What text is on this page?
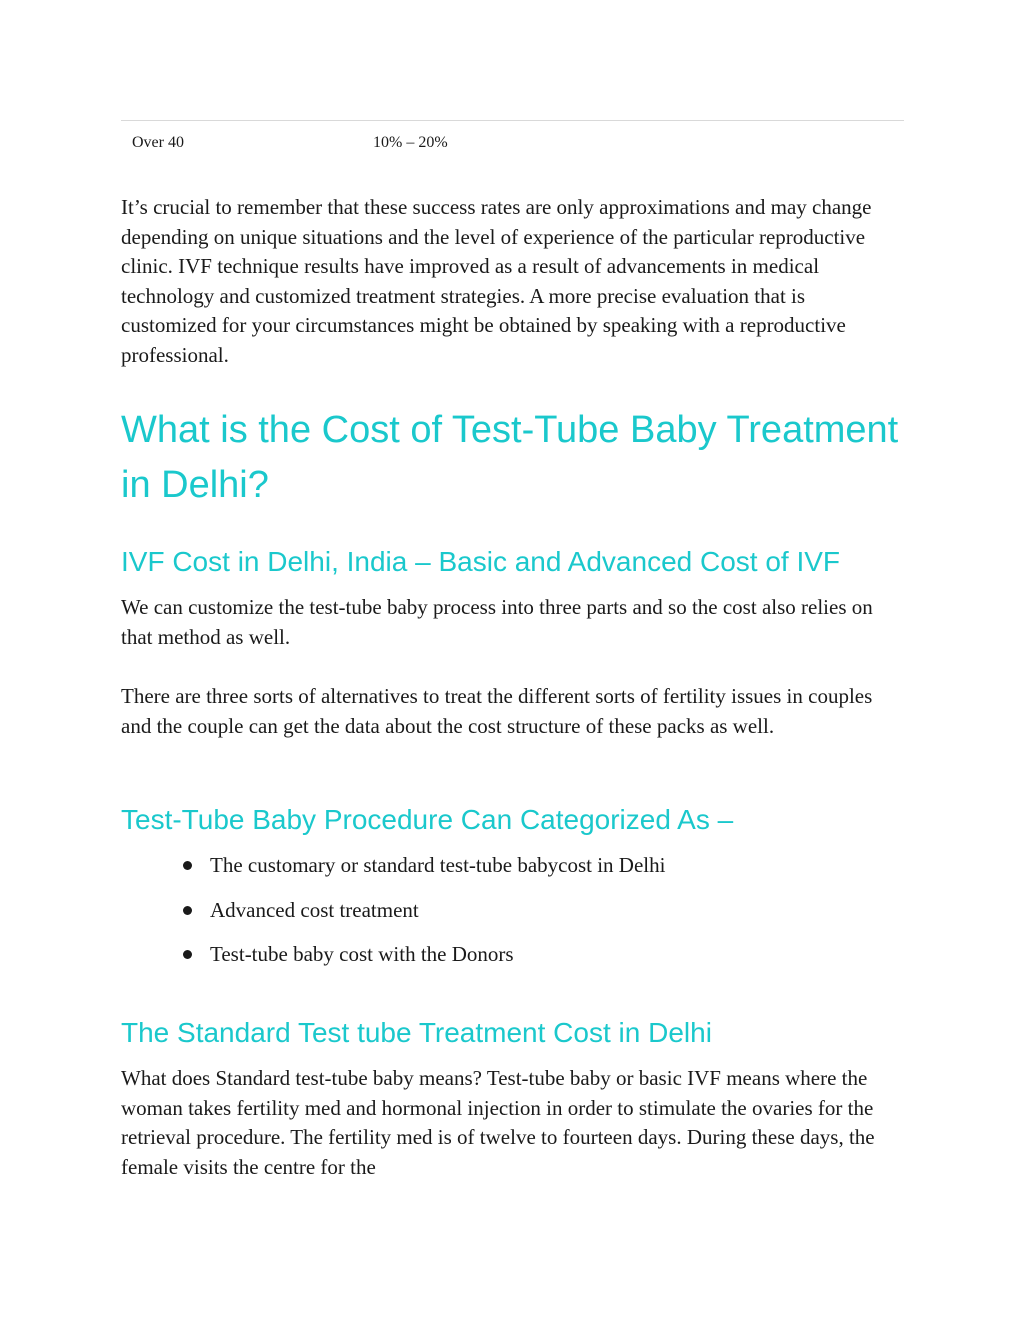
Over 40	10% – 20%

It’s crucial to remember that these success rates are only approximations and may change depending on unique situations and the level of experience of the particular reproductive clinic. IVF technique results have improved as a result of advancements in medical technology and customized treatment strategies. A more precise evaluation that is customized for your circumstances might be obtained by speaking with a reproductive professional.

What is the Cost of Test-Tube Baby Treatment in Delhi?
IVF Cost in Delhi, India – Basic and Advanced Cost of IVF

We can customize the test-tube baby process into three parts and so the cost also relies on that method as well.

There are three sorts of alternatives to treat the different sorts of fertility issues in couples and the couple can get the data about the cost structure of these packs as well.

Test-Tube Baby Procedure Can Categorized As –
The customary or standard test-tube babycost in Delhi
Advanced cost treatment
Test-tube baby cost with the Donors
The Standard Test tube Treatment Cost in Delhi

What does Standard test-tube baby means? Test-tube baby or basic IVF means where the woman takes fertility med and hormonal injection in order to stimulate the ovaries for the retrieval procedure. The fertility med is of twelve to fourteen days. During these days, the female visits the centre for the
